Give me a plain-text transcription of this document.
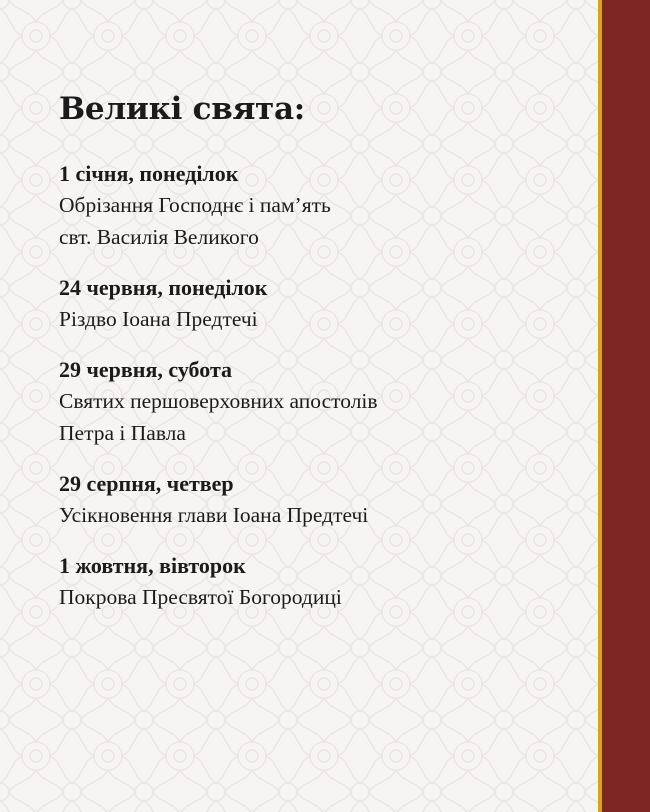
Великі свята:
1 січня, понеділок
Обрізання Господнє і пам’ять
свт. Василія Великого
24 червня, понеділок
Різдво Іоана Предтечі
29 червня, субота
Святих першоверховних апостолів
Петра і Павла
29 серпня, четвер
Усікновення глави Іоана Предтечі
1 жовтня, вівторок
Покрова Пресвятої Богородиці
